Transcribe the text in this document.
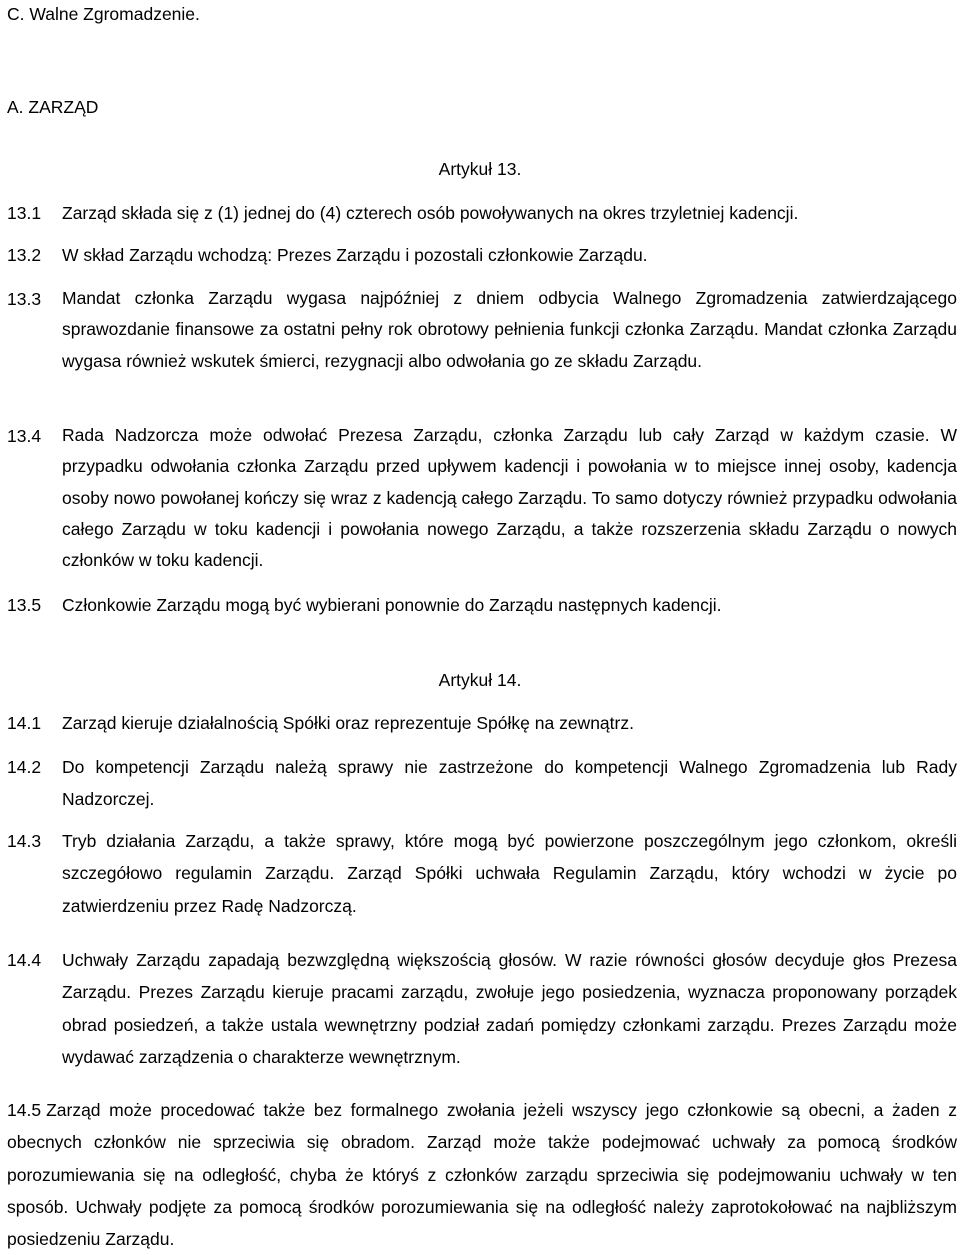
C. Walne Zgromadzenie.
A. ZARZĄD
Artykuł 13.
13.1 Zarząd składa się z (1) jednej do (4) czterech osób powoływanych na okres trzyletniej kadencji.
13.2 W skład Zarządu wchodzą: Prezes Zarządu i pozostali członkowie Zarządu.
13.3 Mandat członka Zarządu wygasa najpóźniej z dniem odbycia Walnego Zgromadzenia zatwierdzającego sprawozdanie finansowe za ostatni pełny rok obrotowy pełnienia funkcji członka Zarządu. Mandat członka Zarządu wygasa również wskutek śmierci, rezygnacji albo odwołania go ze składu Zarządu.
13.4 Rada Nadzorcza może odwołać Prezesa Zarządu, członka Zarządu lub cały Zarząd w każdym czasie. W przypadku odwołania członka Zarządu przed upływem kadencji i powołania w to miejsce innej osoby, kadencja osoby nowo powołanej kończy się wraz z kadencją całego Zarządu. To samo dotyczy również przypadku odwołania całego Zarządu w toku kadencji i powołania nowego Zarządu, a także rozszerzenia składu Zarządu o nowych członków w toku kadencji.
13.5 Członkowie Zarządu mogą być wybierani ponownie do Zarządu następnych kadencji.
Artykuł 14.
14.1 Zarząd kieruje działalnością Spółki oraz reprezentuje Spółkę na zewnątrz.
14.2 Do kompetencji Zarządu należą sprawy nie zastrzeżone do kompetencji Walnego Zgromadzenia lub Rady Nadzorczej.
14.3 Tryb działania Zarządu, a także sprawy, które mogą być powierzone poszczególnym jego członkom, określi szczegółowo regulamin Zarządu. Zarząd Spółki uchwała Regulamin Zarządu, który wchodzi w życie po zatwierdzeniu przez Radę Nadzorczą.
14.4 Uchwały Zarządu zapadają bezwzględną większością głosów. W razie równości głosów decyduje głos Prezesa Zarządu. Prezes Zarządu kieruje pracami zarządu, zwołuje jego posiedzenia, wyznacza proponowany porządek obrad posiedzeń, a także ustala wewnętrzny podział zadań pomiędzy członkami zarządu. Prezes Zarządu może wydawać zarządzenia o charakterze wewnętrznym.
14.5 Zarząd może procedować także bez formalnego zwołania jeżeli wszyscy jego członkowie są obecni, a żaden z obecnych członków nie sprzeciwia się obradom. Zarząd może także podejmować uchwały za pomocą środków porozumiewania się na odległość, chyba że któryś z członków zarządu sprzeciwia się podejmowaniu uchwały w ten sposób. Uchwały podjęte za pomocą środków porozumiewania się na odległość należy zaprotokołować na najbliższym posiedzeniu Zarządu.
